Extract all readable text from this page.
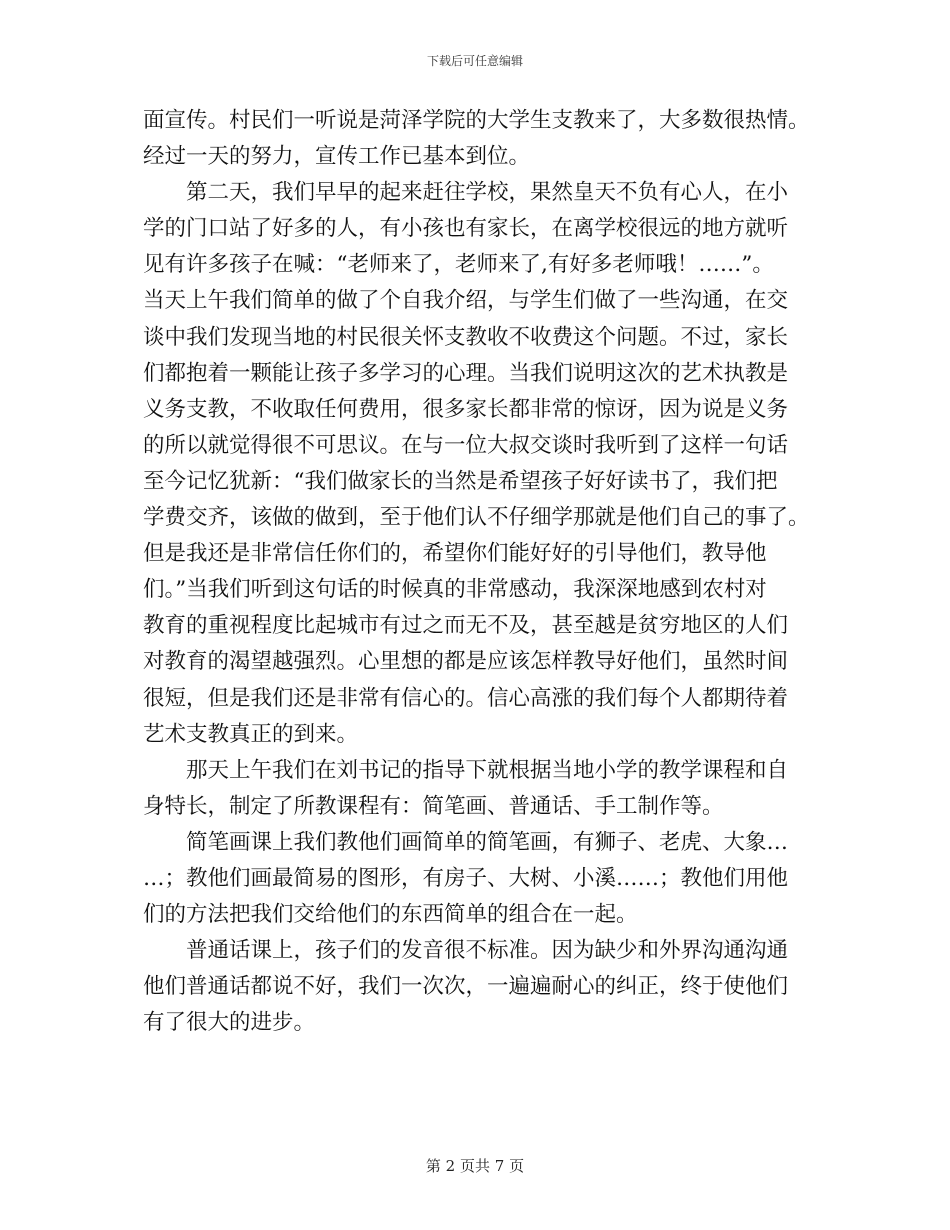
下载后可任意编辑
面宣传。村民们一听说是菏泽学院的大学生支教来了，大多数很热情。
经过一天的努力，宣传工作已基本到位。
　　第二天，我们早早的起来赶往学校，果然皇天不负有心人，在小
学的门口站了好多的人，有小孩也有家长，在离学校很远的地方就听
见有许多孩子在喊：“老师来了，老师来了,有好多老师哦！……”。
当天上午我们简单的做了个自我介绍，与学生们做了一些沟通，在交
谈中我们发现当地的村民很关怀支教收不收费这个问题。不过，家长
们都抱着一颗能让孩子多学习的心理。当我们说明这次的艺术执教是
义务支教，不收取任何费用，很多家长都非常的惊讶，因为说是义务
的所以就觉得很不可思议。在与一位大叔交谈时我听到了这样一句话
至今记忆犹新：“我们做家长的当然是希望孩子好好读书了，我们把
学费交齐，该做的做到，至于他们认不仔细学那就是他们自己的事了。
但是我还是非常信任你们的，希望你们能好好的引导他们，教导他
们。”当我们听到这句话的时候真的非常感动，我深深地感到农村对
教育的重视程度比起城市有过之而无不及，甚至越是贫穷地区的人们
对教育的渴望越强烈。心里想的都是应该怎样教导好他们，虽然时间
很短，但是我们还是非常有信心的。信心高涨的我们每个人都期待着
艺术支教真正的到来。
　　那天上午我们在刘书记的指导下就根据当地小学的教学课程和自
身特长，制定了所教课程有：简笔画、普通话、手工制作等。
　　简笔画课上我们教他们画简单的简笔画，有狮子、老虎、大象…
…；教他们画最简易的图形，有房子、大树、小溪……；教他们用他
们的方法把我们交给他们的东西简单的组合在一起。
　　普通话课上，孩子们的发音很不标准。因为缺少和外界沟通沟通
他们普通话都说不好，我们一次次，一遍遍耐心的纠正，终于使他们
有了很大的进步。
第 2 页共 7 页
